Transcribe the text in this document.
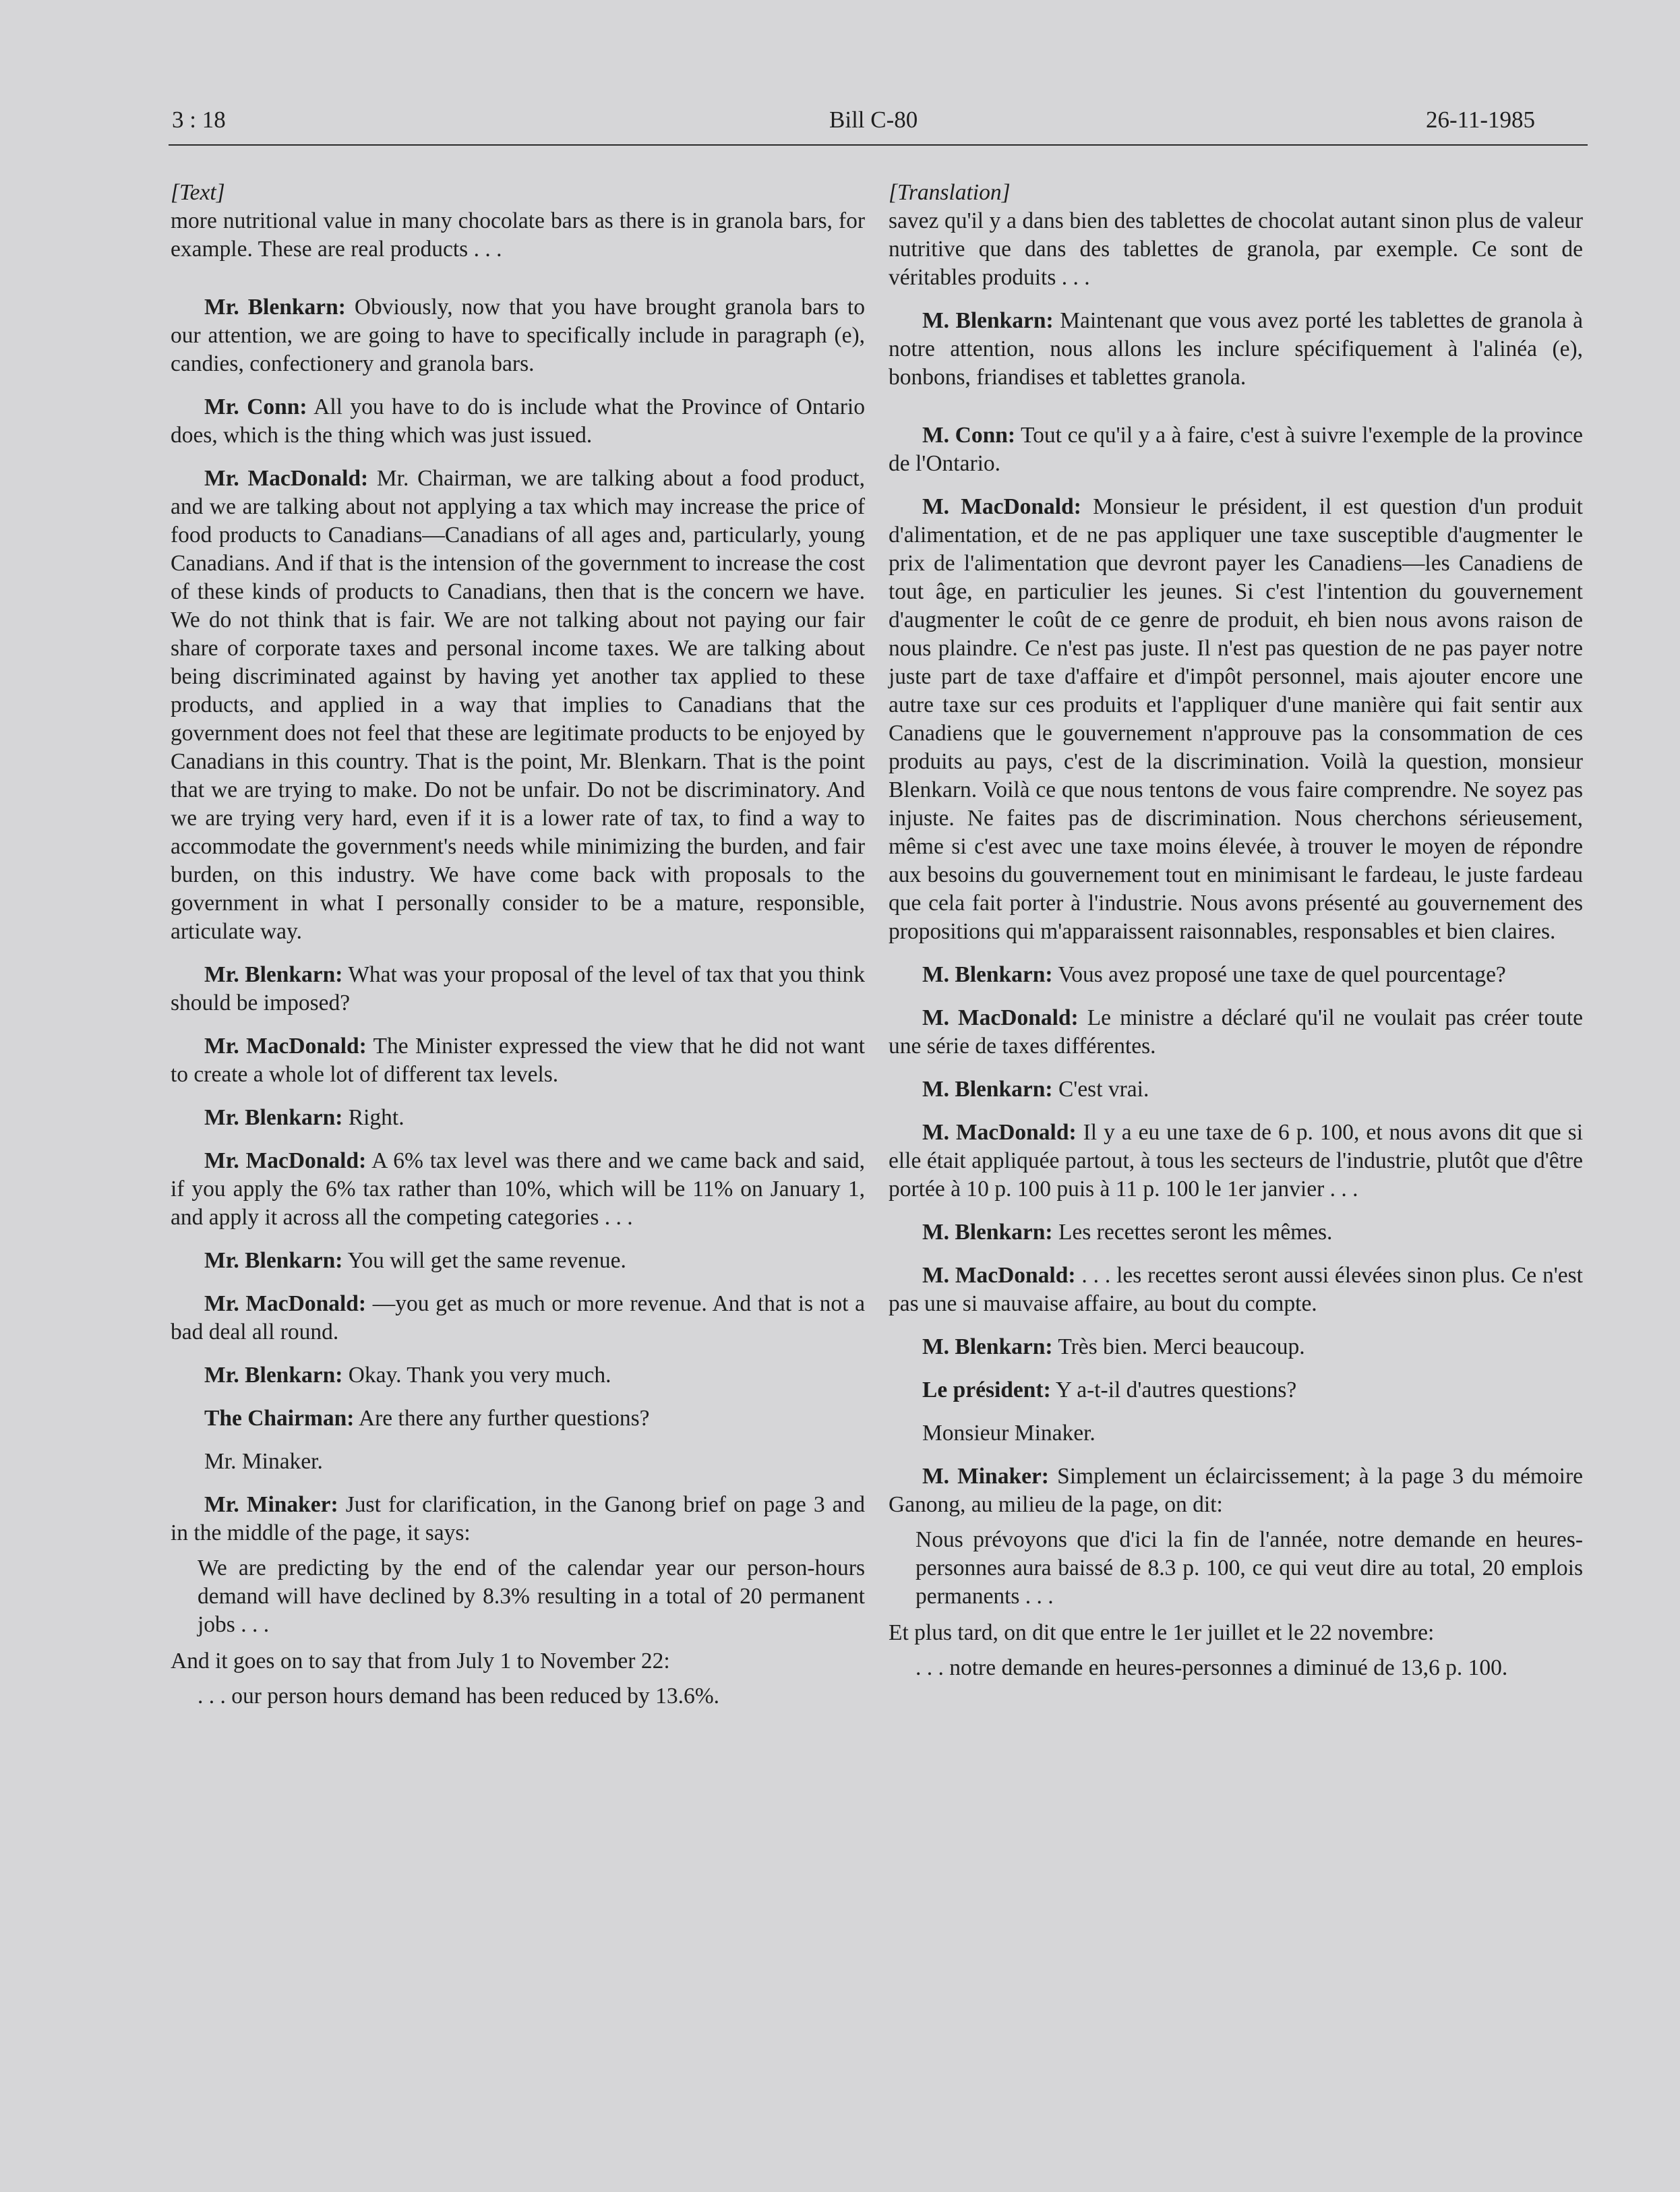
3 : 18	Bill C-80	26-11-1985

[Text]

more nutritional value in many chocolate bars as there is in granola bars, for example. These are real products . . .

Mr. Blenkarn: Obviously, now that you have brought granola bars to our attention, we are going to have to specifically include in paragraph (e), candies, confectionery and granola bars.

Mr. Conn: All you have to do is include what the Province of Ontario does, which is the thing which was just issued.

Mr. MacDonald: Mr. Chairman, we are talking about a food product, and we are talking about not applying a tax which may increase the price of food products to Canadians—Canadians of all ages and, particularly, young Canadians. And if that is the intension of the government to increase the cost of these kinds of products to Canadians, then that is the concern we have. We do not think that is fair. We are not talking about not paying our fair share of corporate taxes and personal income taxes. We are talking about being discriminated against by having yet another tax applied to these products, and applied in a way that implies to Canadians that the government does not feel that these are legitimate products to be enjoyed by Canadians in this country. That is the point, Mr. Blenkarn. That is the point that we are trying to make. Do not be unfair. Do not be discriminatory. And we are trying very hard, even if it is a lower rate of tax, to find a way to accommodate the government's needs while minimizing the burden, and fair burden, on this industry. We have come back with proposals to the government in what I personally consider to be a mature, responsible, articulate way.

Mr. Blenkarn: What was your proposal of the level of tax that you think should be imposed?

Mr. MacDonald: The Minister expressed the view that he did not want to create a whole lot of different tax levels.

Mr. Blenkarn: Right.

Mr. MacDonald: A 6% tax level was there and we came back and said, if you apply the 6% tax rather than 10%, which will be 11% on January 1, and apply it across all the competing categories . . .

Mr. Blenkarn: You will get the same revenue.

Mr. MacDonald: —you get as much or more revenue. And that is not a bad deal all round.

Mr. Blenkarn: Okay. Thank you very much.

The Chairman: Are there any further questions?

Mr. Minaker.

Mr. Minaker: Just for clarification, in the Ganong brief on page 3 and in the middle of the page, it says:

We are predicting by the end of the calendar year our person-hours demand will have declined by 8.3% resulting in a total of 20 permanent jobs . . .

And it goes on to say that from July 1 to November 22:

. . . our person hours demand has been reduced by 13.6%.

[Translation]

savez qu'il y a dans bien des tablettes de chocolat autant sinon plus de valeur nutritive que dans des tablettes de granola, par exemple. Ce sont de véritables produits . . .

M. Blenkarn: Maintenant que vous avez porté les tablettes de granola à notre attention, nous allons les inclure spécifiquement à l'alinéa (e), bonbons, friandises et tablettes granola.

M. Conn: Tout ce qu'il y a à faire, c'est à suivre l'exemple de la province de l'Ontario.

M. MacDonald: Monsieur le président, il est question d'un produit d'alimentation, et de ne pas appliquer une taxe susceptible d'augmenter le prix de l'alimentation que devront payer les Canadiens—les Canadiens de tout âge, en particulier les jeunes. Si c'est l'intention du gouvernement d'augmenter le coût de ce genre de produit, eh bien nous avons raison de nous plaindre. Ce n'est pas juste. Il n'est pas question de ne pas payer notre juste part de taxe d'affaire et d'impôt personnel, mais ajouter encore une autre taxe sur ces produits et l'appliquer d'une manière qui fait sentir aux Canadiens que le gouvernement n'approuve pas la consommation de ces produits au pays, c'est de la discrimination. Voilà la question, monsieur Blenkarn. Voilà ce que nous tentons de vous faire comprendre. Ne soyez pas injuste. Ne faites pas de discrimination. Nous cherchons sérieusement, même si c'est avec une taxe moins élevée, à trouver le moyen de répondre aux besoins du gouvernement tout en minimisant le fardeau, le juste fardeau que cela fait porter à l'industrie. Nous avons présenté au gouvernement des propositions qui m'apparaissent raisonnables, responsables et bien claires.

M. Blenkarn: Vous avez proposé une taxe de quel pourcentage?

M. MacDonald: Le ministre a déclaré qu'il ne voulait pas créer toute une série de taxes différentes.

M. Blenkarn: C'est vrai.

M. MacDonald: Il y a eu une taxe de 6 p. 100, et nous avons dit que si elle était appliquée partout, à tous les secteurs de l'industrie, plutôt que d'être portée à 10 p. 100 puis à 11 p. 100 le 1er janvier . . .

M. Blenkarn: Les recettes seront les mêmes.

M. MacDonald: . . . les recettes seront aussi élevées sinon plus. Ce n'est pas une si mauvaise affaire, au bout du compte.

M. Blenkarn: Très bien. Merci beaucoup.

Le président: Y a-t-il d'autres questions?

Monsieur Minaker.

M. Minaker: Simplement un éclaircissement; à la page 3 du mémoire Ganong, au milieu de la page, on dit:

Nous prévoyons que d'ici la fin de l'année, notre demande en heures-personnes aura baissé de 8.3 p. 100, ce qui veut dire au total, 20 emplois permanents . . .

Et plus tard, on dit que entre le 1er juillet et le 22 novembre:

. . . notre demande en heures-personnes a diminué de 13,6 p. 100.
